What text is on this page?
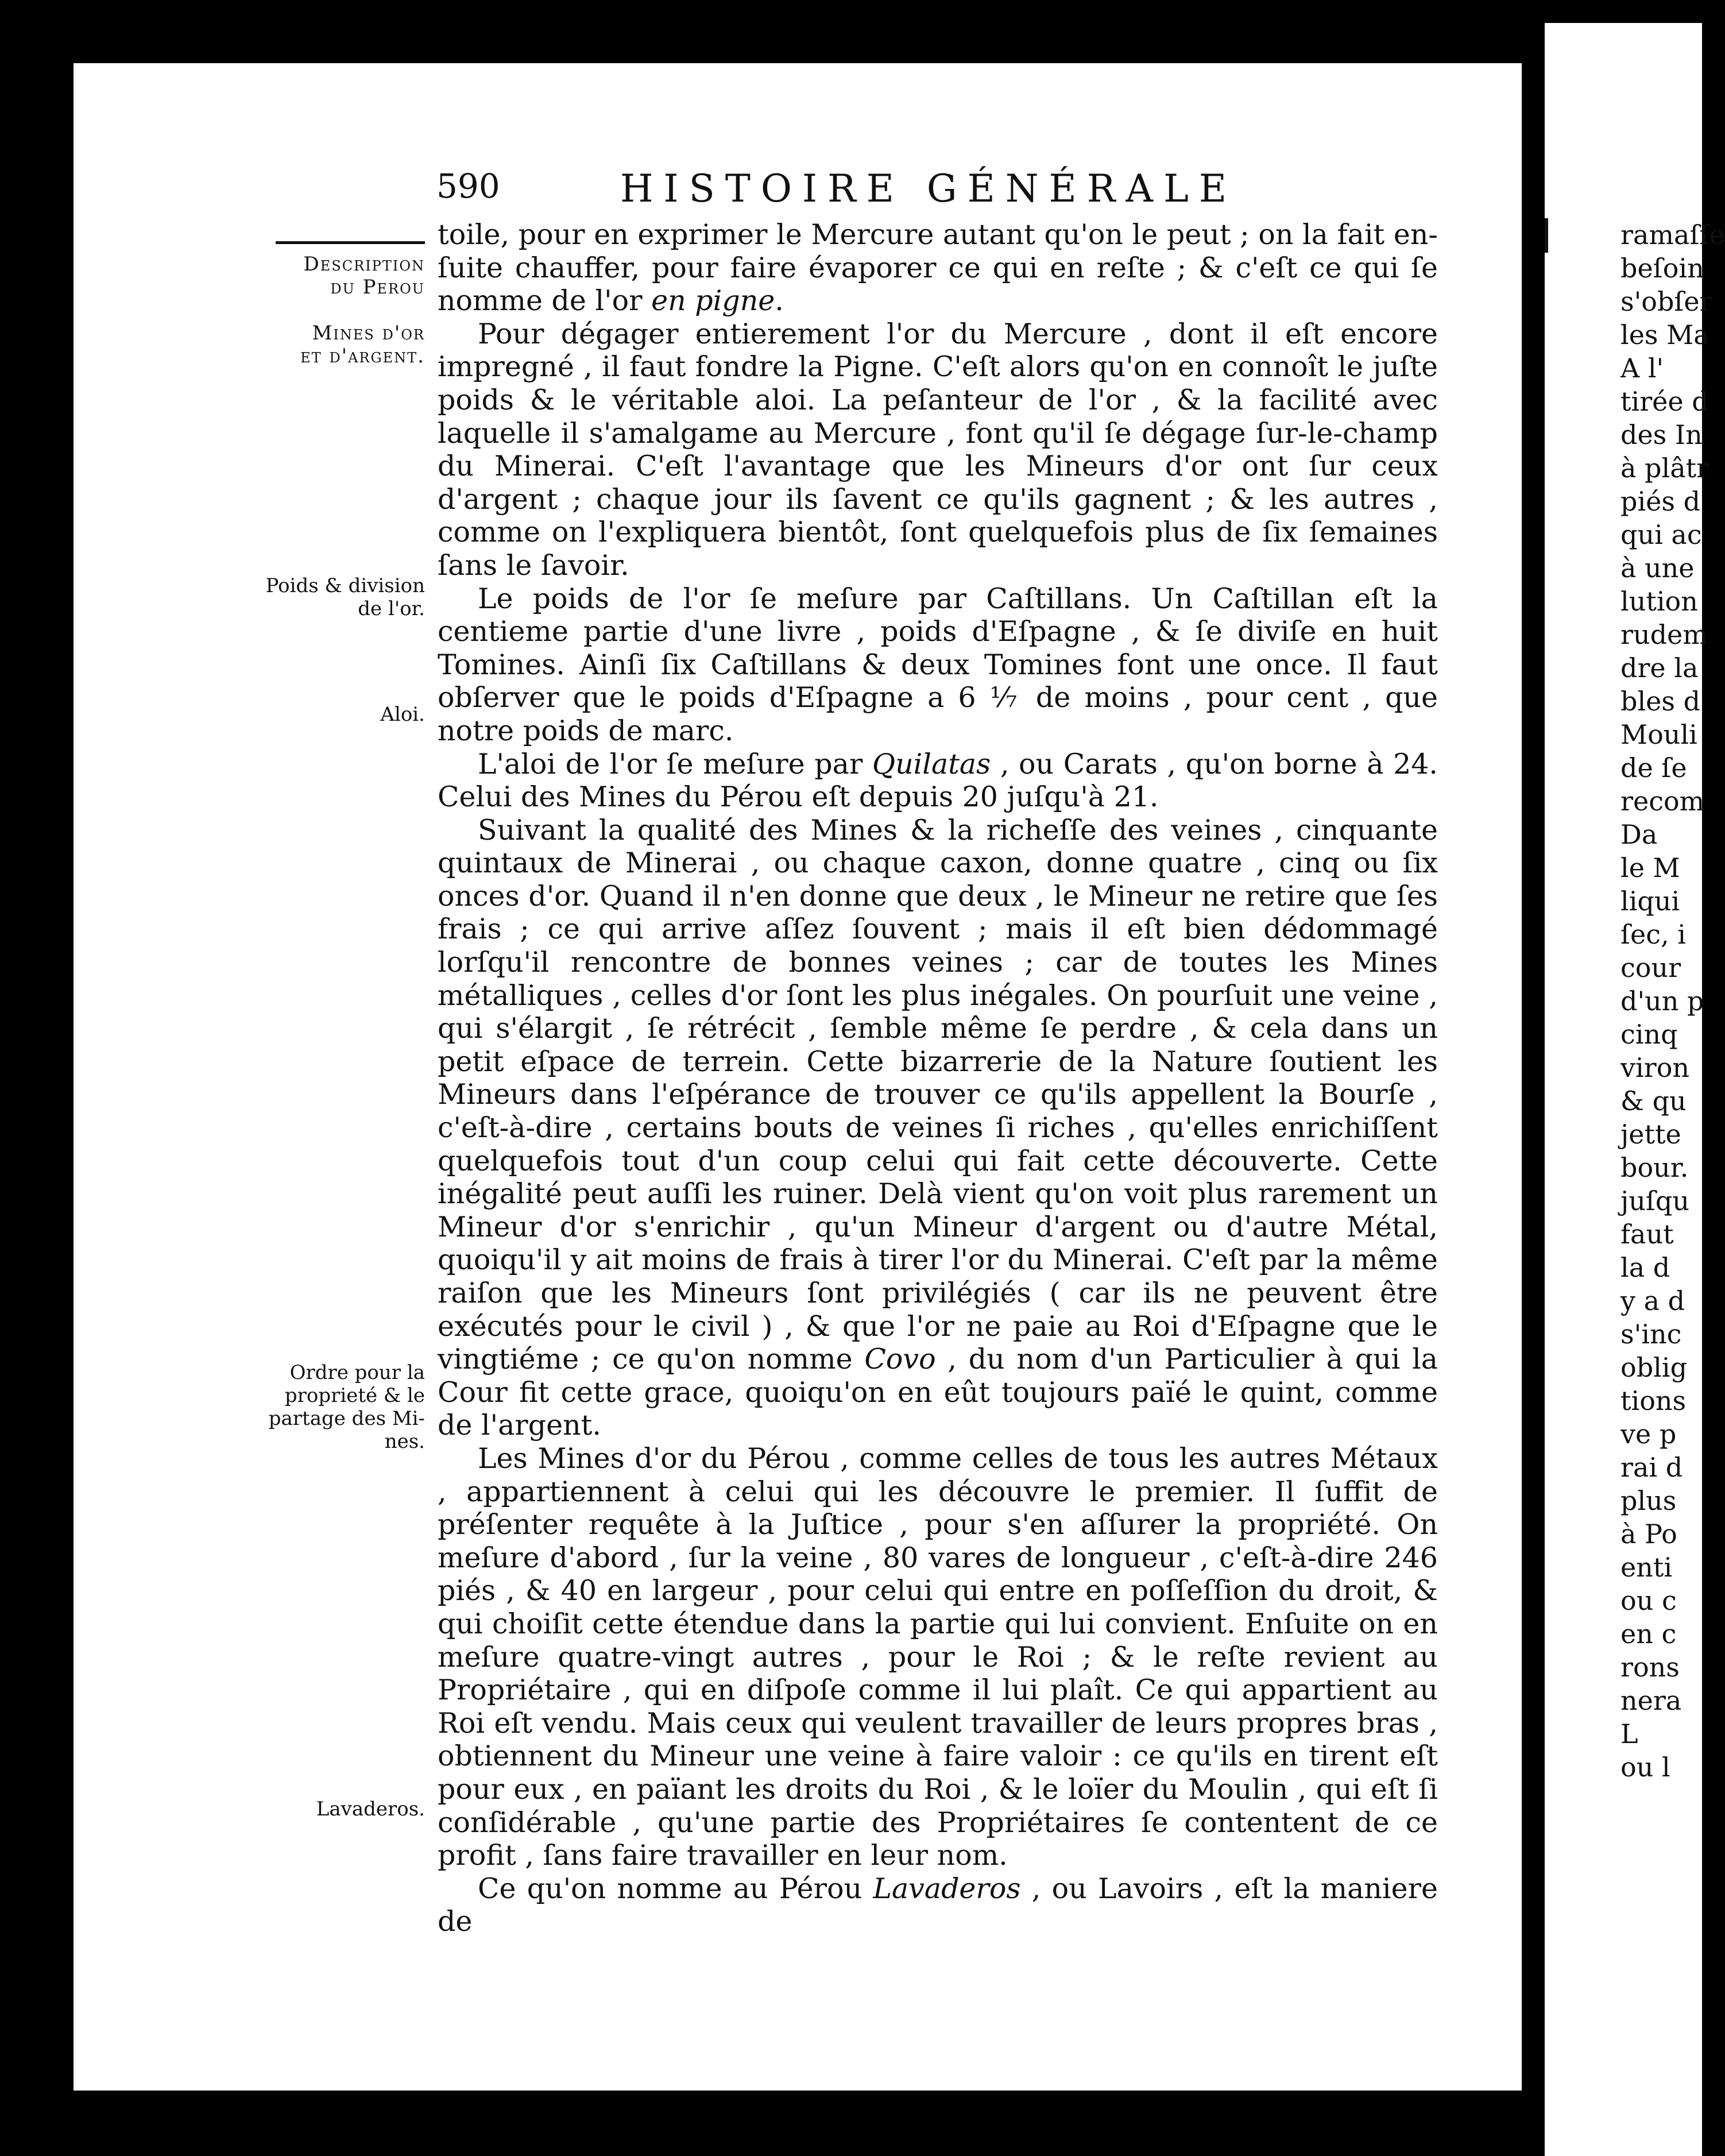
590	HISTOIRE GÉNÉRALE
Description
du Perou
Mines d'or
et d'argent.
Poids & division
de l'or.
Aloi.
Ordre pour la
proprieté & le
partage des Mi-
nes.
Lavaderos.

toile, pour en exprimer le Mercure autant qu'on le peut ; on la fait en-ſuite chauffer, pour faire évaporer ce qui en reſte ; & c'eſt ce qui ſe nomme de l'or en pigne.

Pour dégager entierement l'or du Mercure , dont il eſt encore impregné , il faut fondre la Pigne. C'eſt alors qu'on en connoît le juſte poids & le véritable aloi. La peſanteur de l'or , & la facilité avec laquelle il s'amalgame au Mercure , font qu'il ſe dégage ſur-le-champ du Minerai. C'eſt l'avantage que les Mineurs d'or ont ſur ceux d'argent ; chaque jour ils ſavent ce qu'ils gagnent ; & les autres , comme on l'expliquera bientôt, ſont quelquefois plus de ſix ſemaines ſans le ſavoir.

Le poids de l'or ſe meſure par Caſtillans. Un Caſtillan eſt la centieme partie d'une livre , poids d'Eſpagne , & ſe diviſe en huit Tomines. Ainſi ſix Caſtillans & deux Tomines font une once. Il faut obſerver que le poids d'Eſpagne a 6 ⅐ de moins , pour cent , que notre poids de marc.

L'aloi de l'or ſe meſure par Quilatas , ou Carats , qu'on borne à 24. Celui des Mines du Pérou eſt depuis 20 juſqu'à 21.

Suivant la qualité des Mines & la richeſſe des veines , cinquante quintaux de Minerai , ou chaque caxon, donne quatre , cinq ou ſix onces d'or. Quand il n'en donne que deux , le Mineur ne retire que ſes frais ; ce qui arrive aſſez ſouvent ; mais il eſt bien dédommagé lorſqu'il rencontre de bonnes veines ; car de toutes les Mines métalliques , celles d'or ſont les plus inégales. On pourſuit une veine , qui s'élargit , ſe rétrécit , ſemble même ſe perdre , & cela dans un petit eſpace de terrein. Cette bizarrerie de la Nature ſoutient les Mineurs dans l'eſpérance de trouver ce qu'ils appellent la Bourſe , c'eſt-à-dire , certains bouts de veines ſi riches , qu'elles enrichiſſent quelquefois tout d'un coup celui qui fait cette découverte. Cette inégalité peut auſſi les ruiner. Delà vient qu'on voit plus rarement un Mineur d'or s'enrichir , qu'un Mineur d'argent ou d'autre Métal, quoiqu'il y ait moins de frais à tirer l'or du Minerai. C'eſt par la même raiſon que les Mineurs ſont privilégiés ( car ils ne peuvent être exécutés pour le civil ) , & que l'or ne paie au Roi d'Eſpagne que le vingtiéme ; ce qu'on nomme Covo , du nom d'un Particulier à qui la Cour fit cette grace, quoiqu'on en eût toujours païé le quint, comme de l'argent.

Les Mines d'or du Pérou , comme celles de tous les autres Métaux , appartiennent à celui qui les découvre le premier. Il ſuffit de préſenter requête à la Juſtice , pour s'en aſſurer la propriété. On meſure d'abord , ſur la veine , 80 vares de longueur , c'eſt-à-dire 246 piés , & 40 en largeur , pour celui qui entre en poſſeſſion du droit, & qui choiſit cette étendue dans la partie qui lui convient. Enſuite on en meſure quatre-vingt autres , pour le Roi ; & le reſte revient au Propriétaire , qui en diſpoſe comme il lui plaît. Ce qui appartient au Roi eſt vendu. Mais ceux qui veulent travailler de leurs propres bras , obtiennent du Mineur une veine à faire valoir : ce qu'ils en tirent eſt pour eux , en païant les droits du Roi , & le loïer du Moulin , qui eſt ſi conſidérable , qu'une partie des Propriétaires ſe contentent de ce profit , ſans faire travailler en leur nom.

Ce qu'on nomme au Pérou Lavaderos , ou Lavoirs , eſt la maniere de

ramaſſe
beſoin
s'obſer
les Ma
A l'
tirée d
des In
à plâtr
piés d
qui ac
à une
lution
rudem
dre la
bles d
Mouli
de ſe
recom
Da
le M
liqui
ſec, i
cour
d'un p
cinq
viron
& qu
jette
bour.
juſqu
faut
la d
y a d
s'inc
oblig
tions
ve p
rai d
plus
à Po
enti
ou c
en c
rons
nera
L
ou l
